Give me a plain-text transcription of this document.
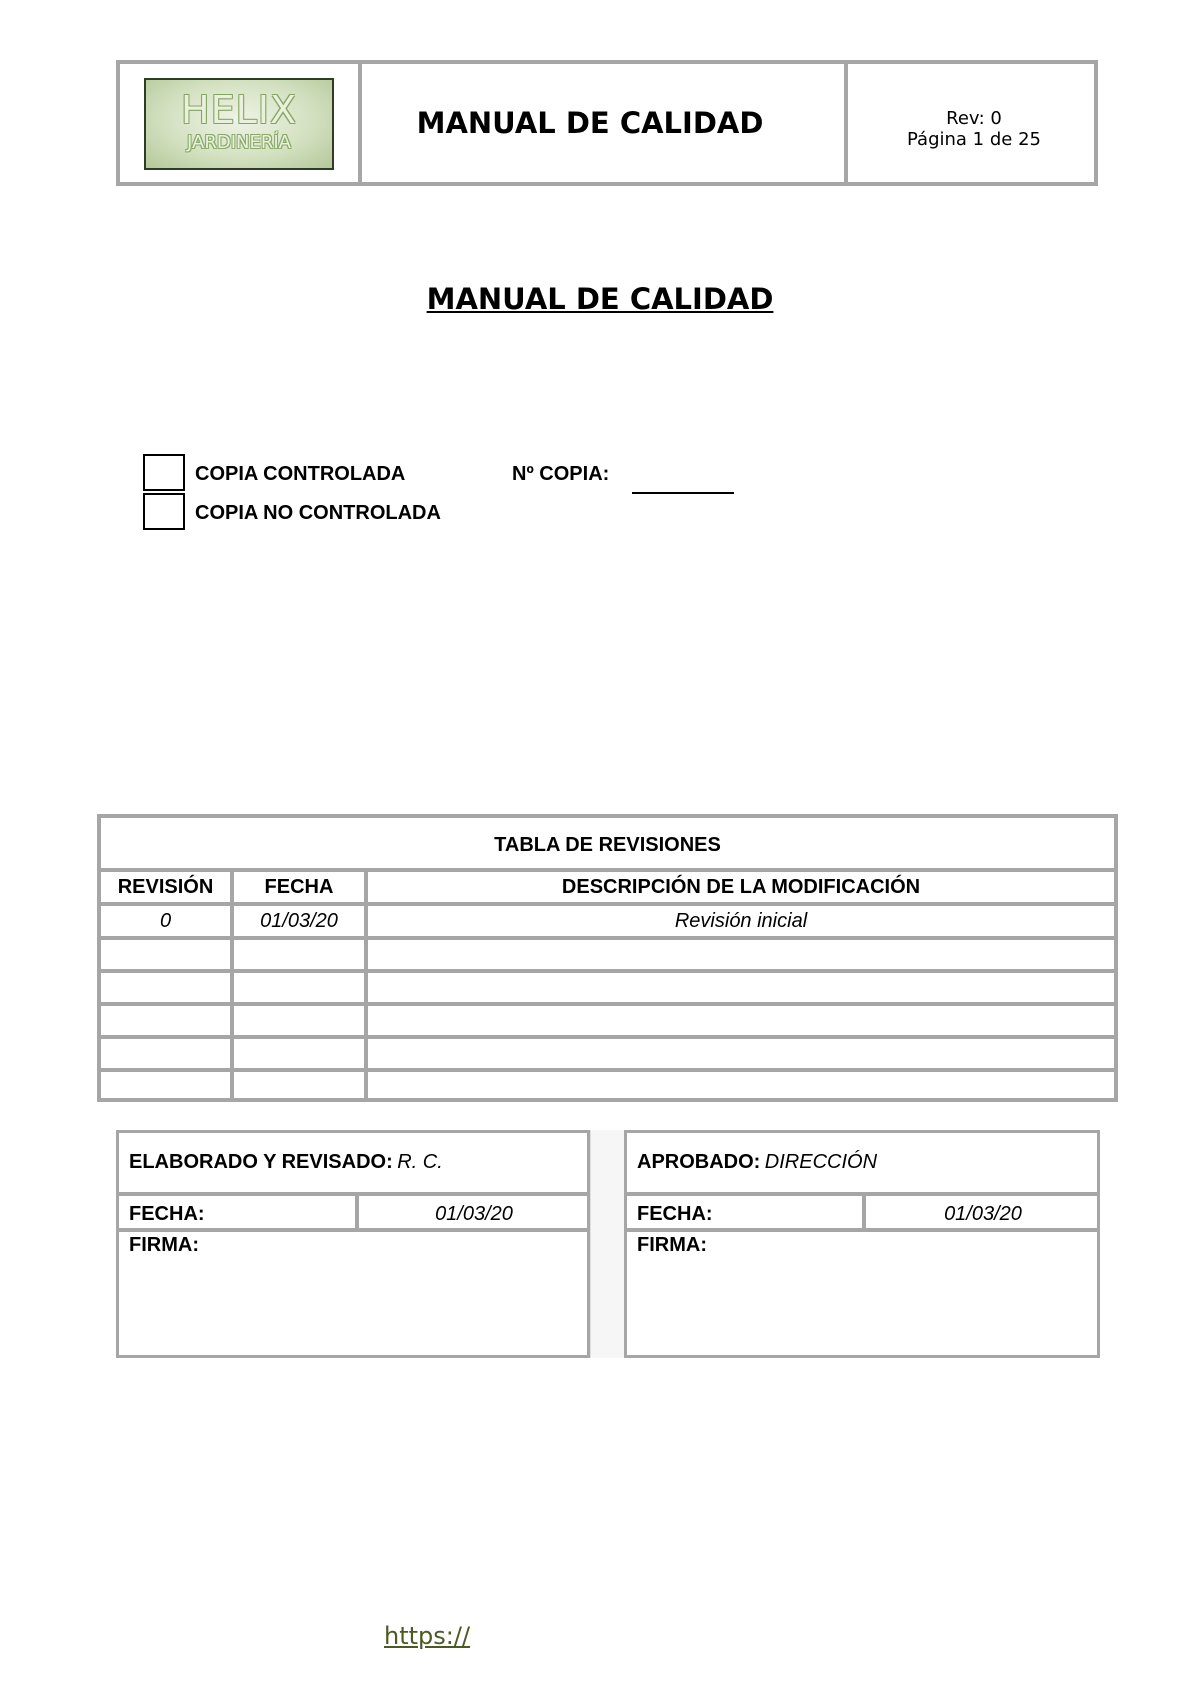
HELIX
JARDINERÍA
MANUAL DE CALIDAD	Rev: 0
Página 1 de 25
MANUAL DE CALIDAD
COPIA CONTROLADA
COPIA NO CONTROLADA
Nº COPIA:
TABLA DE REVISIONES
REVISIÓN	FECHA	DESCRIPCIÓN DE LA MODIFICACIÓN
0	01/03/20	Revisión inicial
ELABORADO Y REVISADO: R. C.
FECHA:	01/03/20
FIRMA:
APROBADO: DIRECCIÓN
FECHA:	01/03/20
FIRMA:
https://
